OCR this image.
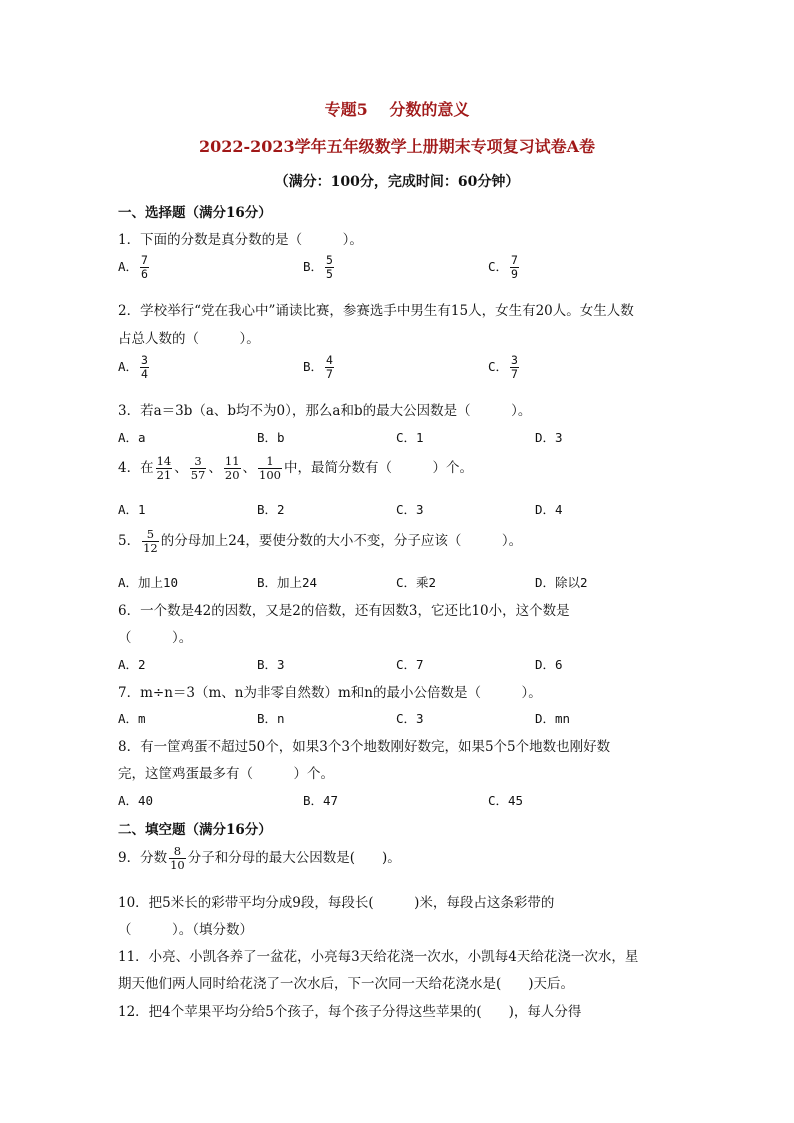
专题5　 分数的意义
2022-2023学年五年级数学上册期末专项复习试卷A卷
（满分：100分，完成时间：60分钟）
一、选择题（满分16分）
1．下面的分数是真分数的是（　　　）。
A． $\frac{7}{6}$	B． $\frac{5}{5}$	C． $\frac{7}{9}$
2．学校举行“党在我心中”诵读比赛，参赛选手中男生有15人，女生有20人。女生人数
占总人数的（　　　）。
A． $\frac{3}{4}$	B． $\frac{4}{7}$	C． $\frac{3}{7}$
3．若a＝3b（a、b均不为0），那么a和b的最大公因数是（　　　）。
A．a	B．b	C．1	D．3
4．在 $\frac{14}{21}$ 、 $\frac{3}{57}$ 、 $\frac{11}{20}$ 、 $\frac{1}{100}$ 中，最简分数有（　　　）个。
A．1	B．2	C．3	D．4
5． $\frac{5}{12}$ 的分母加上24，要使分数的大小不变，分子应该（　　　）。
A．加上10	B．加上24	C．乘2	D．除以2
6．一个数是42的因数，又是2的倍数，还有因数3，它还比10小，这个数是
（　　　）。
A．2	B．3	C．7	D．6
7．m÷n＝3（m、n为非零自然数）m和n的最小公倍数是（　　　）。
A．m	B．n	C．3	D．mn
8．有一筐鸡蛋不超过50个，如果3个3个地数刚好数完，如果5个5个地数也刚好数
完，这筐鸡蛋最多有（　　　）个。
A．40	B．47	C．45
二、填空题（满分16分）
9．分数 $\frac{8}{10}$ 分子和分母的最大公因数是(　　)。
10．把5米长的彩带平均分成9段，每段长(　　　)米，每段占这条彩带的
（　　　）。（填分数）
11．小亮、小凯各养了一盆花，小亮每3天给花浇一次水，小凯每4天给花浇一次水，星
期天他们两人同时给花浇了一次水后，下一次同一天给花浇水是(　　)天后。
12．把4个苹果平均分给5个孩子，每个孩子分得这些苹果的(　　)，每人分得
